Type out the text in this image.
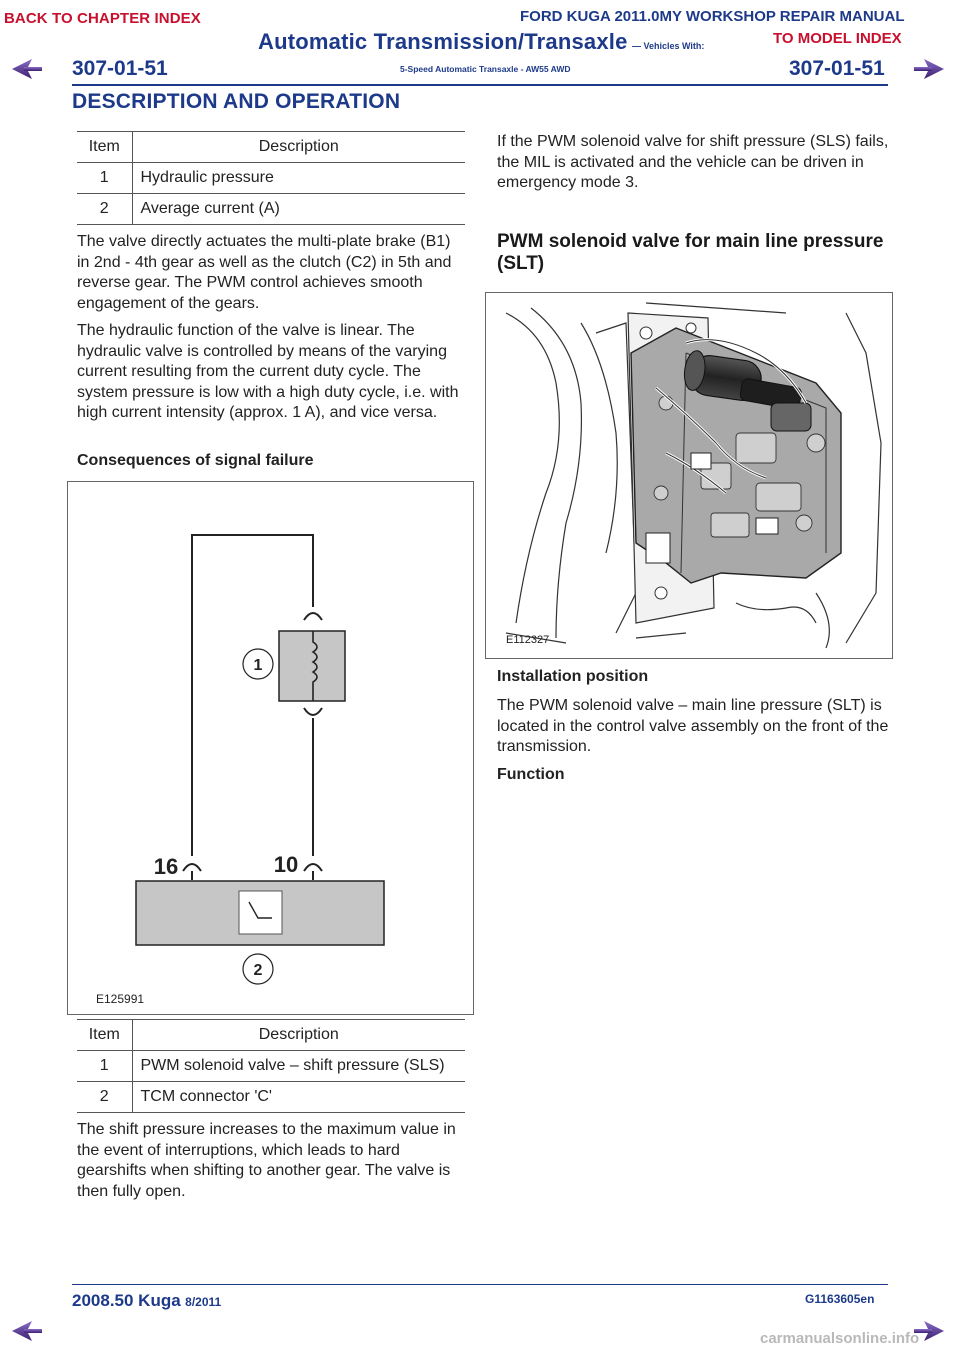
BACK TO CHAPTER INDEX	FORD KUGA 2011.0MY WORKSHOP REPAIR MANUAL
TO MODEL INDEX
Automatic Transmission/Transaxle — Vehicles With:
5-Speed Automatic Transaxle - AW55 AWD
307-01-51	307-01-51
DESCRIPTION AND OPERATION
Item	Description
1	Hydraulic pressure
2	Average current (A)

The valve directly actuates the multi-plate brake (B1) in 2nd - 4th gear as well as the clutch (C2) in 5th and reverse gear. The PWM control achieves smooth engagement of the gears.

The hydraulic function of the valve is linear. The hydraulic valve is controlled by means of the varying current resulting from the current duty cycle. The system pressure is low with a high duty cycle, i.e. with high current intensity (approx. 1 A), and vice versa.

Consequences of signal failure
1
2
16	10
E125991
Item	Description
1	PWM solenoid valve – shift pressure (SLS)
2	TCM connector 'C'

The shift pressure increases to the maximum value in the event of interruptions, which leads to hard gearshifts when shifting to another gear. The valve is then fully open.

If the PWM solenoid valve for shift pressure (SLS) fails, the MIL is activated and the vehicle can be driven in emergency mode 3.

PWM solenoid valve for main line pressure (SLT)
E112327
Installation position

The PWM solenoid valve – main line pressure (SLT) is located in the control valve assembly on the front of the transmission.

Function
2008.50 Kuga 8/2011	G1163605en
carmanualsonline.info
